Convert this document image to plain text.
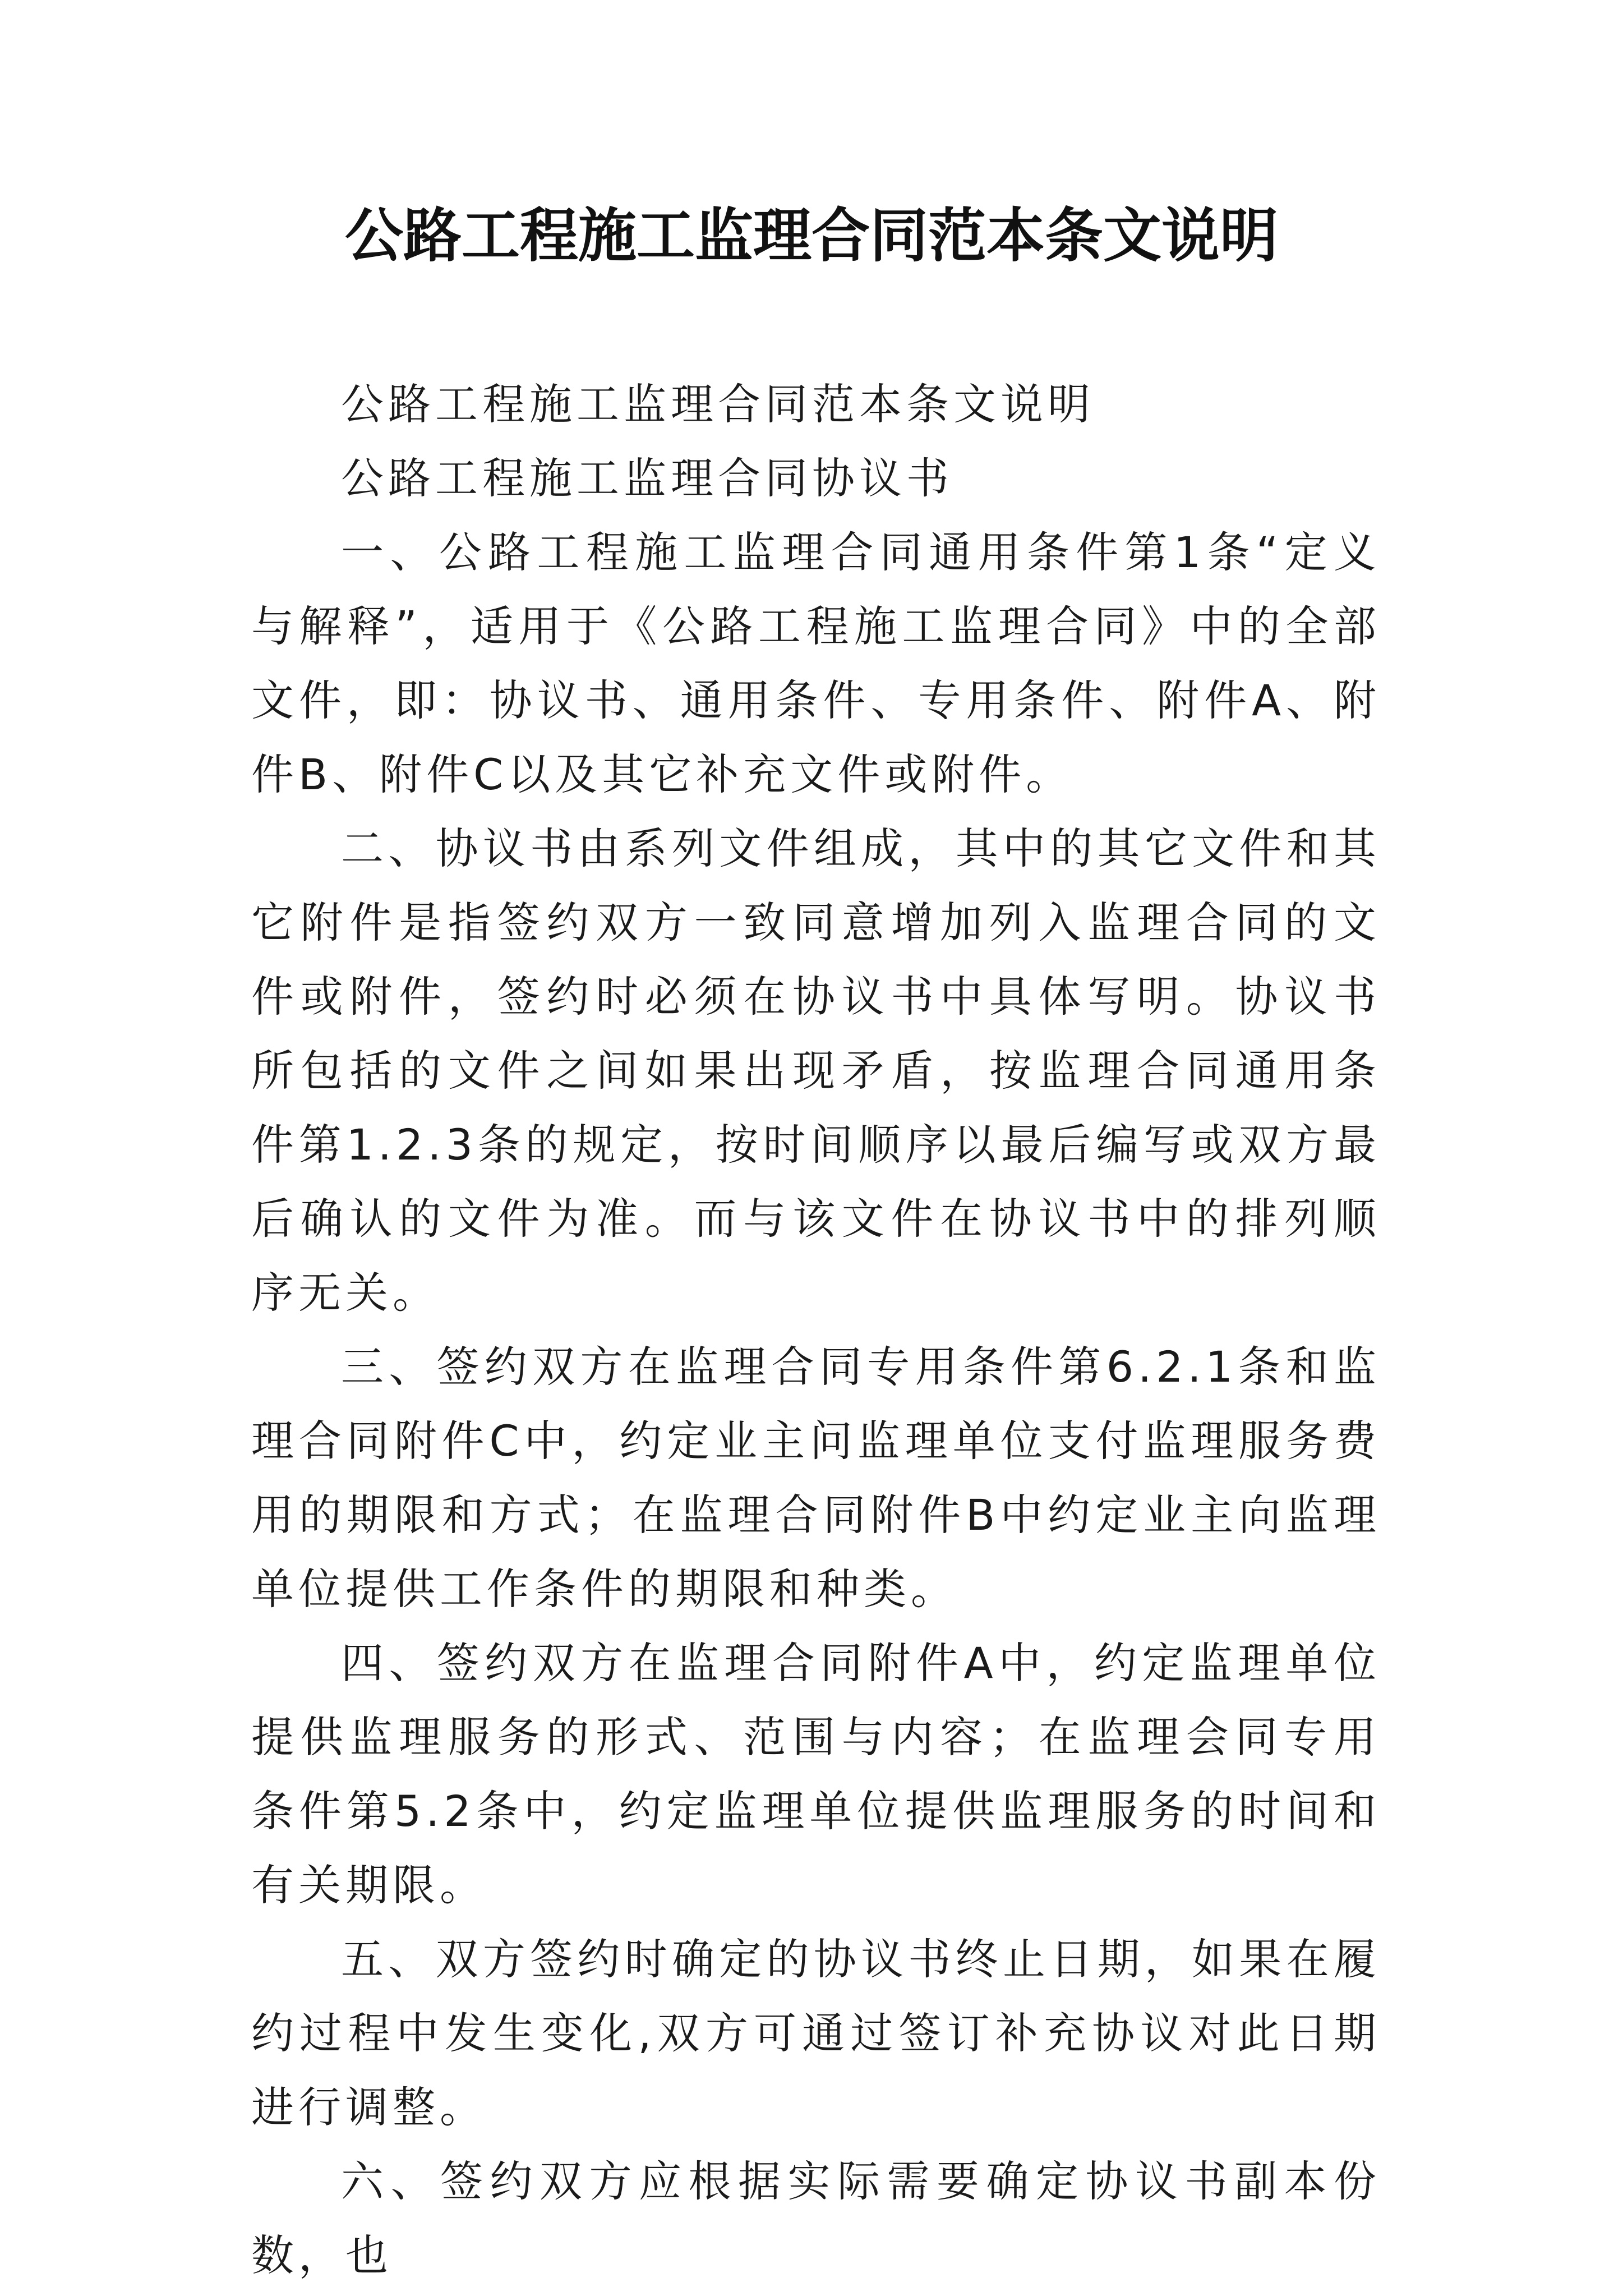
公路工程施工监理合同范本条文说明

公路工程施工监理合同范本条文说明

公路工程施工监理合同协议书

一、公路工程施工监理合同通用条件第1条“定义与解释”，适用于《公路工程施工监理合同》中的全部文件，即：协议书、通用条件、专用条件、附件A、附件B、附件C以及其它补充文件或附件。

二、协议书由系列文件组成，其中的其它文件和其它附件是指签约双方一致同意增加列入监理合同的文件或附件，签约时必须在协议书中具体写明。协议书所包括的文件之间如果出现矛盾，按监理合同通用条件第1.2.3条的规定，按时间顺序以最后编写或双方最后确认的文件为准。而与该文件在协议书中的排列顺序无关。

三、签约双方在监理合同专用条件第6.2.1条和监理合同附件C中，约定业主问监理单位支付监理服务费用的期限和方式；在监理合同附件B中约定业主向监理单位提供工作条件的期限和种类。

四、签约双方在监理合同附件A中，约定监理单位提供监理服务的形式、范围与内容；在监理会同专用条件第5.2条中，约定监理单位提供监理服务的时间和有关期限。

五、双方签约时确定的协议书终止日期，如果在履约过程中发生变化,双方可通过签订补充协议对此日期进行调整。

六、签约双方应根据实际需要确定协议书副本份数，也
